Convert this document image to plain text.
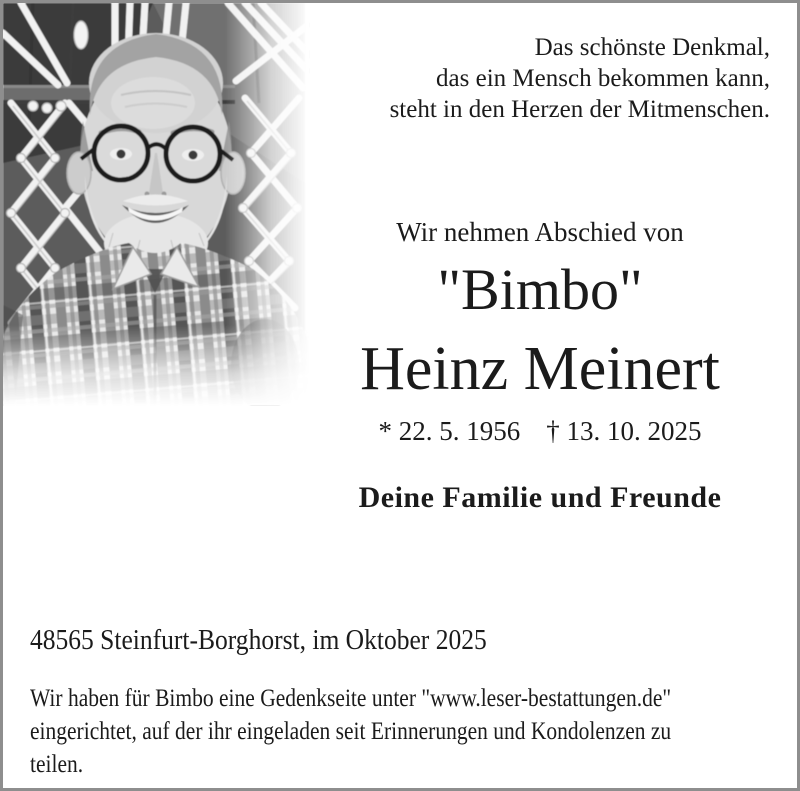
Das schönste Denkmal,
das ein Mensch bekommen kann,
steht in den Herzen der Mitmenschen.
Wir nehmen Abschied von
"Bimbo"
Heinz Meinert
* 22. 5. 1956 † 13. 10. 2025
Deine Familie und Freunde
48565 Steinfurt-Borghorst, im Oktober 2025
Wir haben für Bimbo eine Gedenkseite unter "www.leser-bestattungen.de"
eingerichtet, auf der ihr eingeladen seit Erinnerungen und Kondolenzen zu
teilen.
